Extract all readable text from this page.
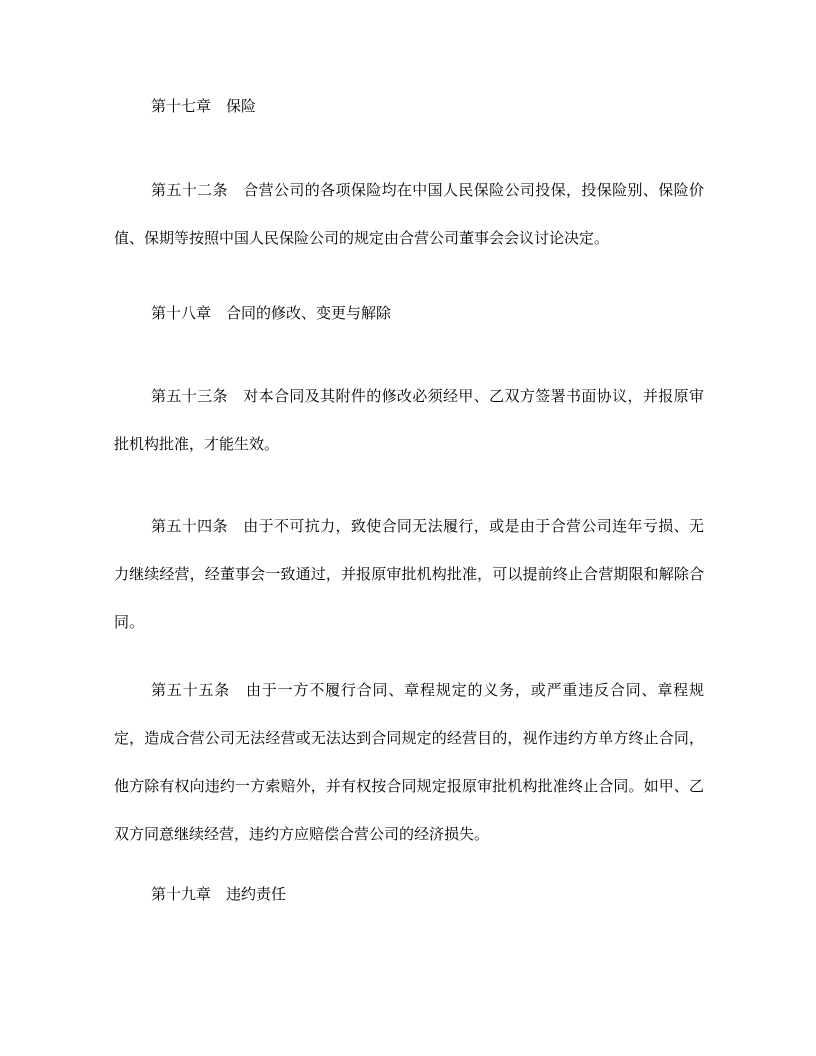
第十七章　保险

第五十二条　合营公司的各项保险均在中国人民保险公司投保，投保险别、保险价值、保期等按照中国人民保险公司的规定由合营公司董事会会议讨论决定。

第十八章　合同的修改、变更与解除

第五十三条　对本合同及其附件的修改必须经甲、乙双方签署书面协议，并报原审批机构批准，才能生效。

第五十四条　由于不可抗力，致使合同无法履行，或是由于合营公司连年亏损、无力继续经营，经董事会一致通过，并报原审批机构批准，可以提前终止合营期限和解除合同。

第五十五条　由于一方不履行合同、章程规定的义务，或严重违反合同、章程规定，造成合营公司无法经营或无法达到合同规定的经营目的，视作违约方单方终止合同，他方除有权向违约一方索赔外，并有权按合同规定报原审批机构批准终止合同。如甲、乙双方同意继续经营，违约方应赔偿合营公司的经济损失。

第十九章　违约责任
